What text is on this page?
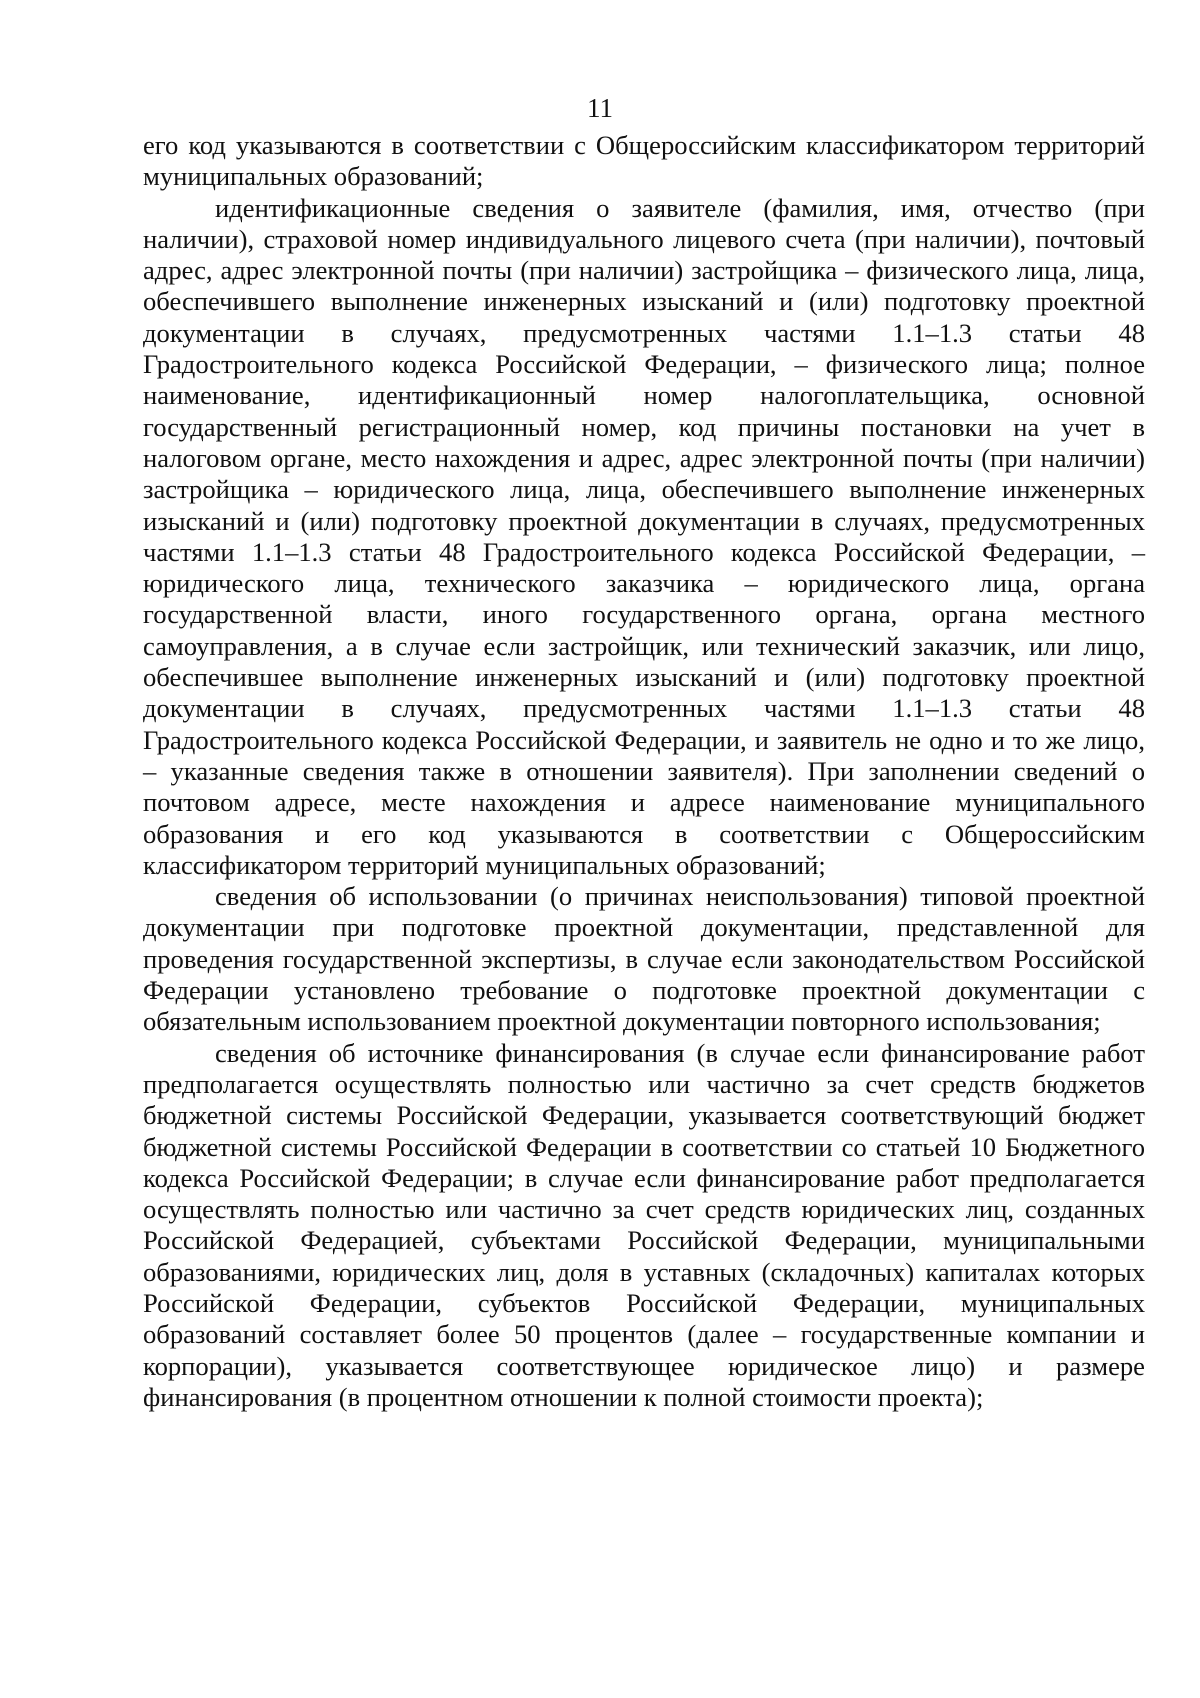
11

его код указываются в соответствии с Общероссийским классификатором территорий муниципальных образований;

идентификационные сведения о заявителе (фамилия, имя, отчество (при наличии), страховой номер индивидуального лицевого счета (при наличии), почтовый адрес, адрес электронной почты (при наличии) застройщика – физического лица, лица, обеспечившего выполнение инженерных изысканий и (или) подготовку проектной документации в случаях, предусмотренных частями 1.1–1.3 статьи 48 Градостроительного кодекса Российской Федерации, – физического лица; полное наименование, идентификационный номер налогоплательщика, основной государственный регистрационный номер, код причины постановки на учет в налоговом органе, место нахождения и адрес, адрес электронной почты (при наличии) застройщика – юридического лица, лица, обеспечившего выполнение инженерных изысканий и (или) подготовку проектной документации в случаях, предусмотренных частями 1.1–1.3 статьи 48 Градостроительного кодекса Российской Федерации, – юридического лица, технического заказчика – юридического лица, органа государственной власти, иного государственного органа, органа местного самоуправления, а в случае если застройщик, или технический заказчик, или лицо, обеспечившее выполнение инженерных изысканий и (или) подготовку проектной документации в случаях, предусмотренных частями 1.1–1.3 статьи 48 Градостроительного кодекса Российской Федерации, и заявитель не одно и то же лицо, – указанные сведения также в отношении заявителя). При заполнении сведений о почтовом адресе, месте нахождения и адресе наименование муниципального образования и его код указываются в соответствии с Общероссийским классификатором территорий муниципальных образований;

сведения об использовании (о причинах неиспользования) типовой проектной документации при подготовке проектной документации, представленной для проведения государственной экспертизы, в случае если законодательством Российской Федерации установлено требование о подготовке проектной документации с обязательным использованием проектной документации повторного использования;

сведения об источнике финансирования (в случае если финансирование работ предполагается осуществлять полностью или частично за счет средств бюджетов бюджетной системы Российской Федерации, указывается соответствующий бюджет бюджетной системы Российской Федерации в соответствии со статьей 10 Бюджетного кодекса Российской Федерации; в случае если финансирование работ предполагается осуществлять полностью или частично за счет средств юридических лиц, созданных Российской Федерацией, субъектами Российской Федерации, муниципальными образованиями, юридических лиц, доля в уставных (складочных) капиталах которых Российской Федерации, субъектов Российской Федерации, муниципальных образований составляет более 50 процентов (далее – государственные компании и корпорации), указывается соответствующее юридическое лицо) и размере финансирования (в процентном отношении к полной стоимости проекта);
